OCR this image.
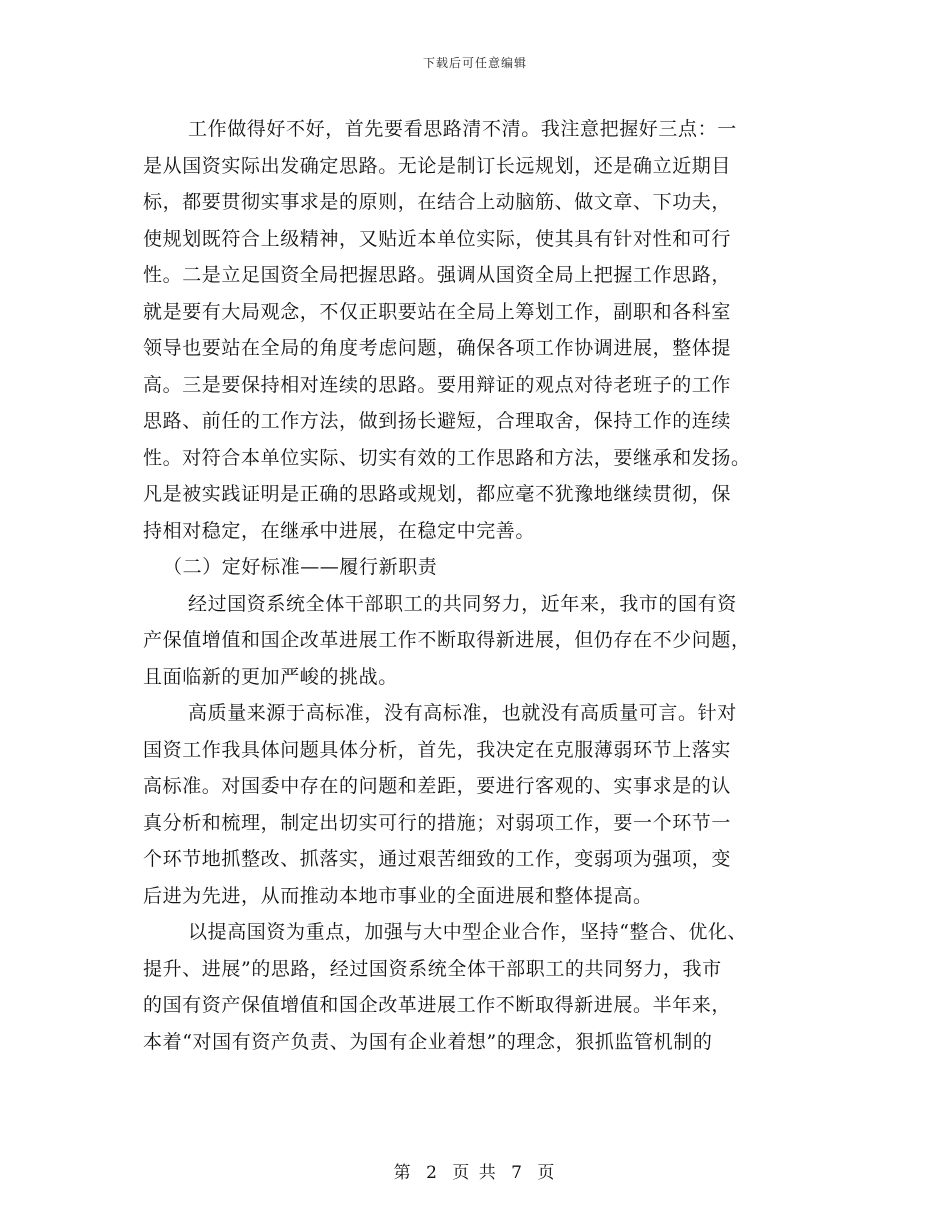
下载后可任意编辑
工作做得好不好，首先要看思路清不清。我注意把握好三点：一
是从国资实际出发确定思路。无论是制订长远规划，还是确立近期目
标，都要贯彻实事求是的原则，在结合上动脑筋、做文章、下功夫，
使规划既符合上级精神，又贴近本单位实际，使其具有针对性和可行
性。二是立足国资全局把握思路。强调从国资全局上把握工作思路，
就是要有大局观念，不仅正职要站在全局上筹划工作，副职和各科室
领导也要站在全局的角度考虑问题，确保各项工作协调进展，整体提
高。三是要保持相对连续的思路。要用辩证的观点对待老班子的工作
思路、前任的工作方法，做到扬长避短，合理取舍，保持工作的连续
性。对符合本单位实际、切实有效的工作思路和方法，要继承和发扬。
凡是被实践证明是正确的思路或规划，都应毫不犹豫地继续贯彻，保
持相对稳定，在继承中进展，在稳定中完善。
（二）定好标准——履行新职责
经过国资系统全体干部职工的共同努力，近年来，我市的国有资
产保值增值和国企改革进展工作不断取得新进展，但仍存在不少问题，
且面临新的更加严峻的挑战。
高质量来源于高标准，没有高标准，也就没有高质量可言。针对
国资工作我具体问题具体分析，首先，我决定在克服薄弱环节上落实
高标准。对国委中存在的问题和差距，要进行客观的、实事求是的认
真分析和梳理，制定出切实可行的措施；对弱项工作，要一个环节一
个环节地抓整改、抓落实，通过艰苦细致的工作，变弱项为强项，变
后进为先进，从而推动本地市事业的全面进展和整体提高。
以提高国资为重点，加强与大中型企业合作，坚持“整合、优化、
提升、进展”的思路，经过国资系统全体干部职工的共同努力，我市
的国有资产保值增值和国企改革进展工作不断取得新进展。半年来，
本着“对国有资产负责、为国有企业着想”的理念，狠抓监管机制的
第 2 页 共 7 页
